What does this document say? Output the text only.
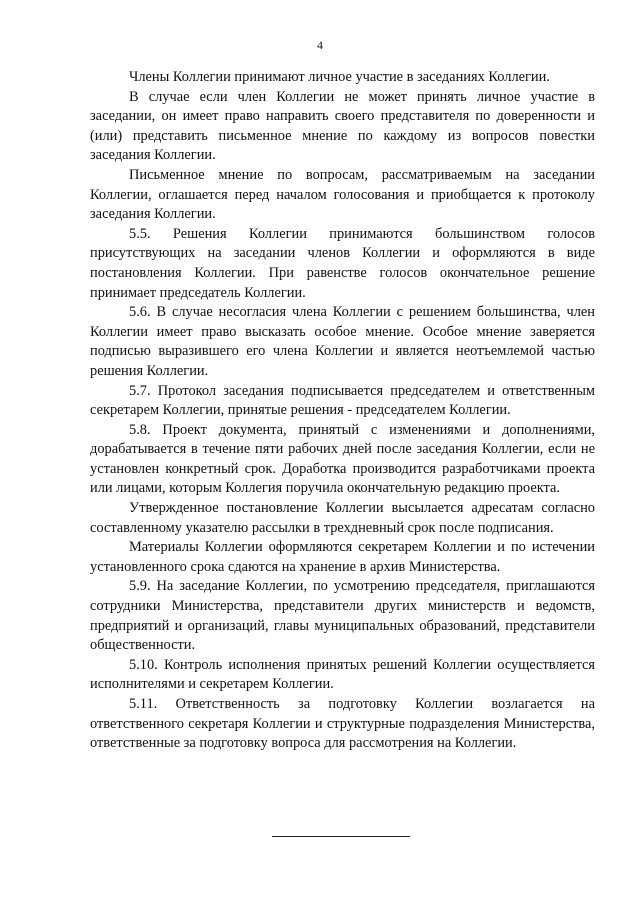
4

Члены Коллегии принимают личное участие в заседаниях Коллегии.

В случае если член Коллегии не может принять личное участие в заседании, он имеет право направить своего представителя по доверенности и (или) представить письменное мнение по каждому из вопросов повестки заседания Коллегии.

Письменное мнение по вопросам, рассматриваемым на заседании Коллегии, оглашается перед началом голосования и приобщается к протоколу заседания Коллегии.

5.5. Решения Коллегии принимаются большинством голосов присутствующих на заседании членов Коллегии и оформляются в виде постановления Коллегии. При равенстве голосов окончательное решение принимает председатель Коллегии.

5.6. В случае несогласия члена Коллегии с решением большинства, член Коллегии имеет право высказать особое мнение. Особое мнение заверяется подписью выразившего его члена Коллегии и является неотъемлемой частью решения Коллегии.

5.7. Протокол заседания подписывается председателем и ответственным секретарем Коллегии, принятые решения - председателем Коллегии.

5.8. Проект документа, принятый с изменениями и дополнениями, дорабатывается в течение пяти рабочих дней после заседания Коллегии, если не установлен конкретный срок. Доработка производится разработчиками проекта или лицами, которым Коллегия поручила окончательную редакцию проекта.

Утвержденное постановление Коллегии высылается адресатам согласно составленному указателю рассылки в трехдневный срок после подписания.

Материалы Коллегии оформляются секретарем Коллегии и по истечении установленного срока сдаются на хранение в архив Министерства.

5.9. На заседание Коллегии, по усмотрению председателя, приглашаются сотрудники Министерства, представители других министерств и ведомств, предприятий и организаций, главы муниципальных образований, представители общественности.

5.10. Контроль исполнения принятых решений Коллегии осуществляется исполнителями и секретарем Коллегии.

5.11. Ответственность за подготовку Коллегии возлагается на ответственного секретаря Коллегии и структурные подразделения Министерства, ответственные за подготовку вопроса для рассмотрения на Коллегии.
